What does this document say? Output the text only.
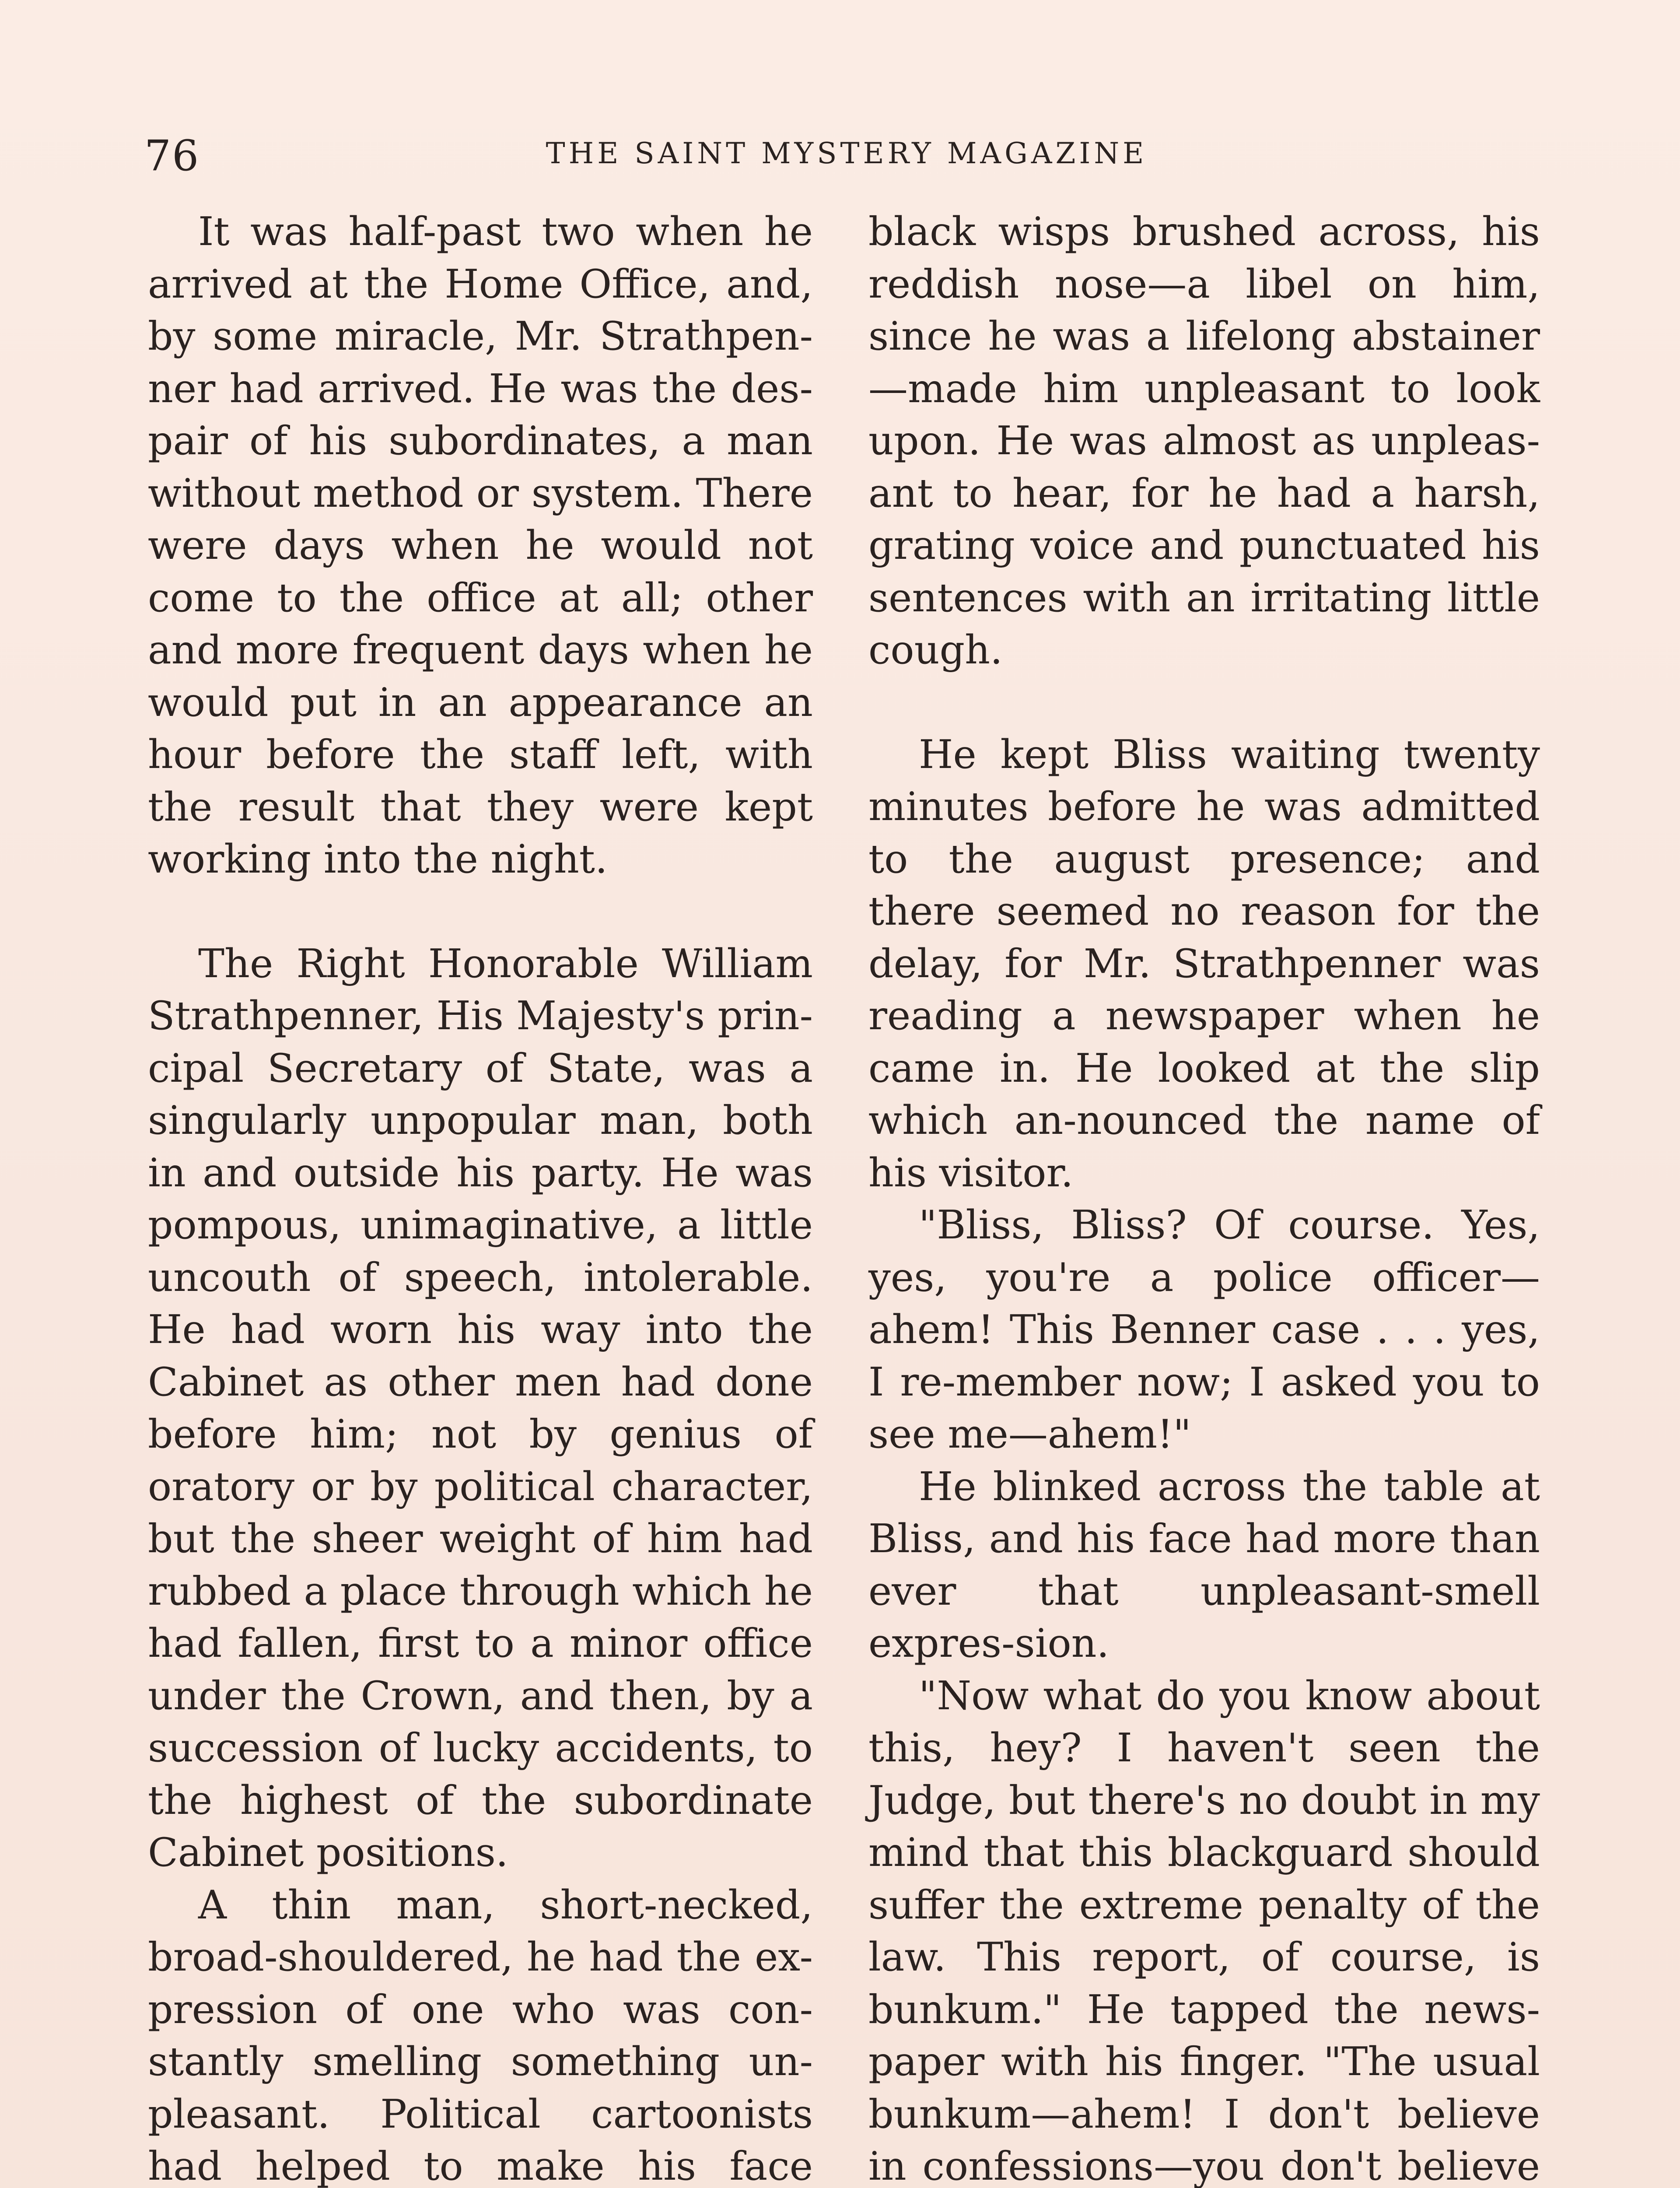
76	THE SAINT MYSTERY MAGAZINE

It was half-past two when he arrived at the Home Office, and, by some miracle, Mr. Strathpen-ner had arrived. He was the des-pair of his subordinates, a man without method or system. There were days when he would not come to the office at all; other and more frequent days when he would put in an appearance an hour before the staff left, with the result that they were kept working into the night.

The Right Honorable William Strathpenner, His Majesty's prin-cipal Secretary of State, was a singularly unpopular man, both in and outside his party. He was pompous, unimaginative, a little uncouth of speech, intolerable. He had worn his way into the Cabinet as other men had done before him; not by genius of oratory or by political character, but the sheer weight of him had rubbed a place through which he had fallen, first to a minor office under the Crown, and then, by a succession of lucky accidents, to the highest of the subordinate Cabinet positions.

A thin man, short-necked, broad-shouldered, he had the ex-pression of one who was con-stantly smelling something un-pleasant. Political cartoonists had helped to make his face

black wisps brushed across, his reddish nose—a libel on him, since he was a lifelong abstainer —made him unpleasant to look upon. He was almost as unpleas-ant to hear, for he had a harsh, grating voice and punctuated his sentences with an irritating little cough.

He kept Bliss waiting twenty minutes before he was admitted to the august presence; and there seemed no reason for the delay, for Mr. Strathpenner was reading a newspaper when he came in. He looked at the slip which an-nounced the name of his visitor.

"Bliss, Bliss? Of course. Yes, yes, you're a police officer—ahem! This Benner case . . . yes, I re-member now; I asked you to see me—ahem!"

He blinked across the table at Bliss, and his face had more than ever that unpleasant-smell expres-sion.

"Now what do you know about this, hey? I haven't seen the Judge, but there's no doubt in my mind that this blackguard should suffer the extreme penalty of the law. This report, of course, is bunkum." He tapped the news-paper with his finger. "The usual bunkum—ahem! I don't believe in confessions—you don't believe
